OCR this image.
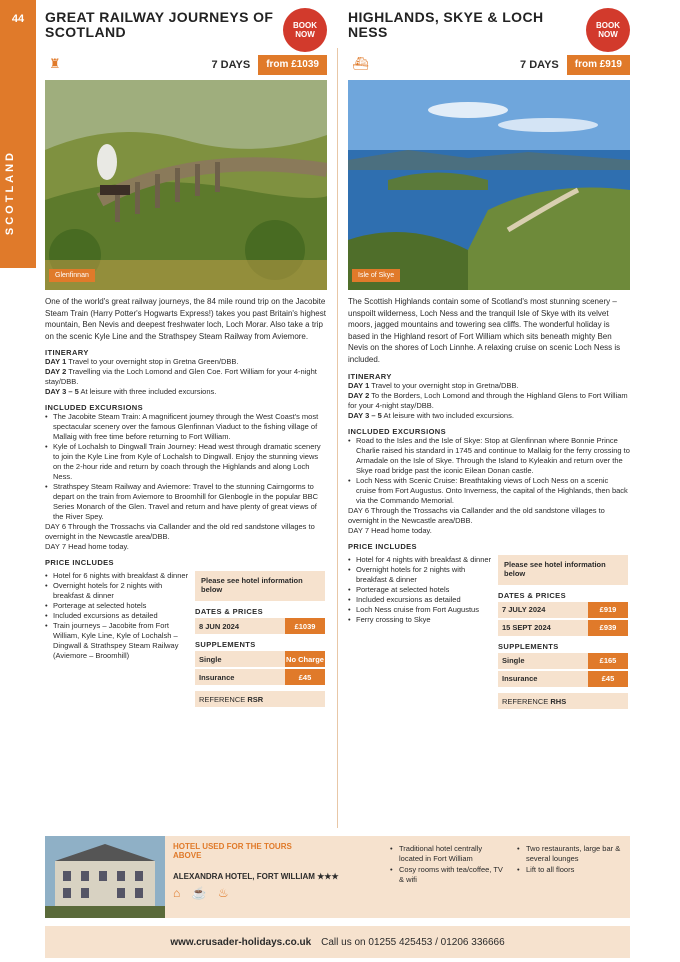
44
SCOTLAND
GREAT RAILWAY JOURNEYS OF SCOTLAND	BOOK NOW
♜	7 DAYS	from £1039
Glenfinnan
One of the world's great railway journeys, the 84 mile round trip on the Jacobite Steam Train (Harry Potter's Hogwarts Express!) takes you past Britain's highest mountain, Ben Nevis and deepest freshwater loch, Loch Morar. Also take a trip on the scenic Kyle Line and the Strathspey Steam Railway from Aviemore.
ITINERARY
DAY 1 Travel to your overnight stop in Gretna Green/DBB.
DAY 2 Travelling via the Loch Lomond and Glen Coe. Fort William for your 4-night stay/DBB.
DAY 3 – 5 At leisure with three included excursions.
INCLUDED EXCURSIONS
• The Jacobite Steam Train: A magnificent journey through the West Coast's most spectacular scenery over the famous Glenfinnan Viaduct to the fishing village of Mallaig with free time before returning to Fort William.
• Kyle of Lochalsh to Dingwall Train Journey: Head west through dramatic scenery to join the Kyle Line from Kyle of Lochalsh to Dingwall. Enjoy the stunning views on the 2-hour ride and return by coach through the Highlands and along Loch Ness.
• Strathspey Steam Railway and Aviemore: Travel to the stunning Cairngorms to depart on the train from Aviemore to Broomhill for Glenbogle in the popular BBC Series Monarch of the Glen. Travel and return and have plenty of great views of the River Spey.
DAY 6 Through the Trossachs via Callander and the old red sandstone villages to overnight in the Newcastle area/DBB.
DAY 7 Head home today.
PRICE INCLUDES
• Hotel for 6 nights with breakfast & dinner
• Overnight hotels for 2 nights with breakfast & dinner
• Porterage at selected hotels
• Included excursions as detailed
• Train journeys – Jacobite from Fort William, Kyle Line, Kyle of Lochalsh – Dingwall & Strathspey Steam Railway (Aviemore – Broomhill)
Please see hotel information below
DATES & PRICES
8 JUN 2024	£1039
SUPPLEMENTS
Single	No Charge
Insurance	£45
REFERENCE RSR
HIGHLANDS, SKYE & LOCH NESS	BOOK NOW
⛴	7 DAYS	from £919
Isle of Skye
The Scottish Highlands contain some of Scotland's most stunning scenery – unspoilt wilderness, Loch Ness and the tranquil Isle of Skye with its velvet moors, jagged mountains and towering sea cliffs. The wonderful holiday is based in the Highland resort of Fort William which sits beneath mighty Ben Nevis on the shores of Loch Linnhe. A relaxing cruise on scenic Loch Ness is included.
ITINERARY
DAY 1 Travel to your overnight stop in Gretna/DBB.
DAY 2 To the Borders, Loch Lomond and through the Highland Glens to Fort William for your 4-night stay/DBB.
DAY 3 – 5 At leisure with two included excursions.
INCLUDED EXCURSIONS
• Road to the Isles and the Isle of Skye: Stop at Glenfinnan where Bonnie Prince Charlie raised his standard in 1745 and continue to Mallaig for the ferry crossing to Armadale on the Isle of Skye. Through the Island to Kyleakin and return over the Skye road bridge past the iconic Eilean Donan castle.
• Loch Ness with Scenic Cruise: Breathtaking views of Loch Ness on a scenic cruise from Fort Augustus. Onto Inverness, the capital of the Highlands, then back via the Commando Memorial.
DAY 6 Through the Trossachs via Callander and the old sandstone villages to overnight in the Newcastle area/DBB.
DAY 7 Head home today.
PRICE INCLUDES
• Hotel for 4 nights with breakfast & dinner
• Overnight hotels for 2 nights with breakfast & dinner
• Porterage at selected hotels
• Included excursions as detailed
• Loch Ness cruise from Fort Augustus
• Ferry crossing to Skye
Please see hotel information below
DATES & PRICES
7 JULY 2024	£919
15 SEPT 2024	£939
SUPPLEMENTS
Single	£165
Insurance	£45
REFERENCE RHS
HOTEL USED FOR THE TOURS ABOVE
ALEXANDRA HOTEL, FORT WILLIAM ★★★
⌂ ☕ ♨
• Traditional hotel centrally located in Fort William
• Cosy rooms with tea/coffee, TV & wifi
• Two restaurants, large bar & several lounges
• Lift to all floors
www.crusader-holidays.co.uk Call us on 01255 425453 / 01206 336666
